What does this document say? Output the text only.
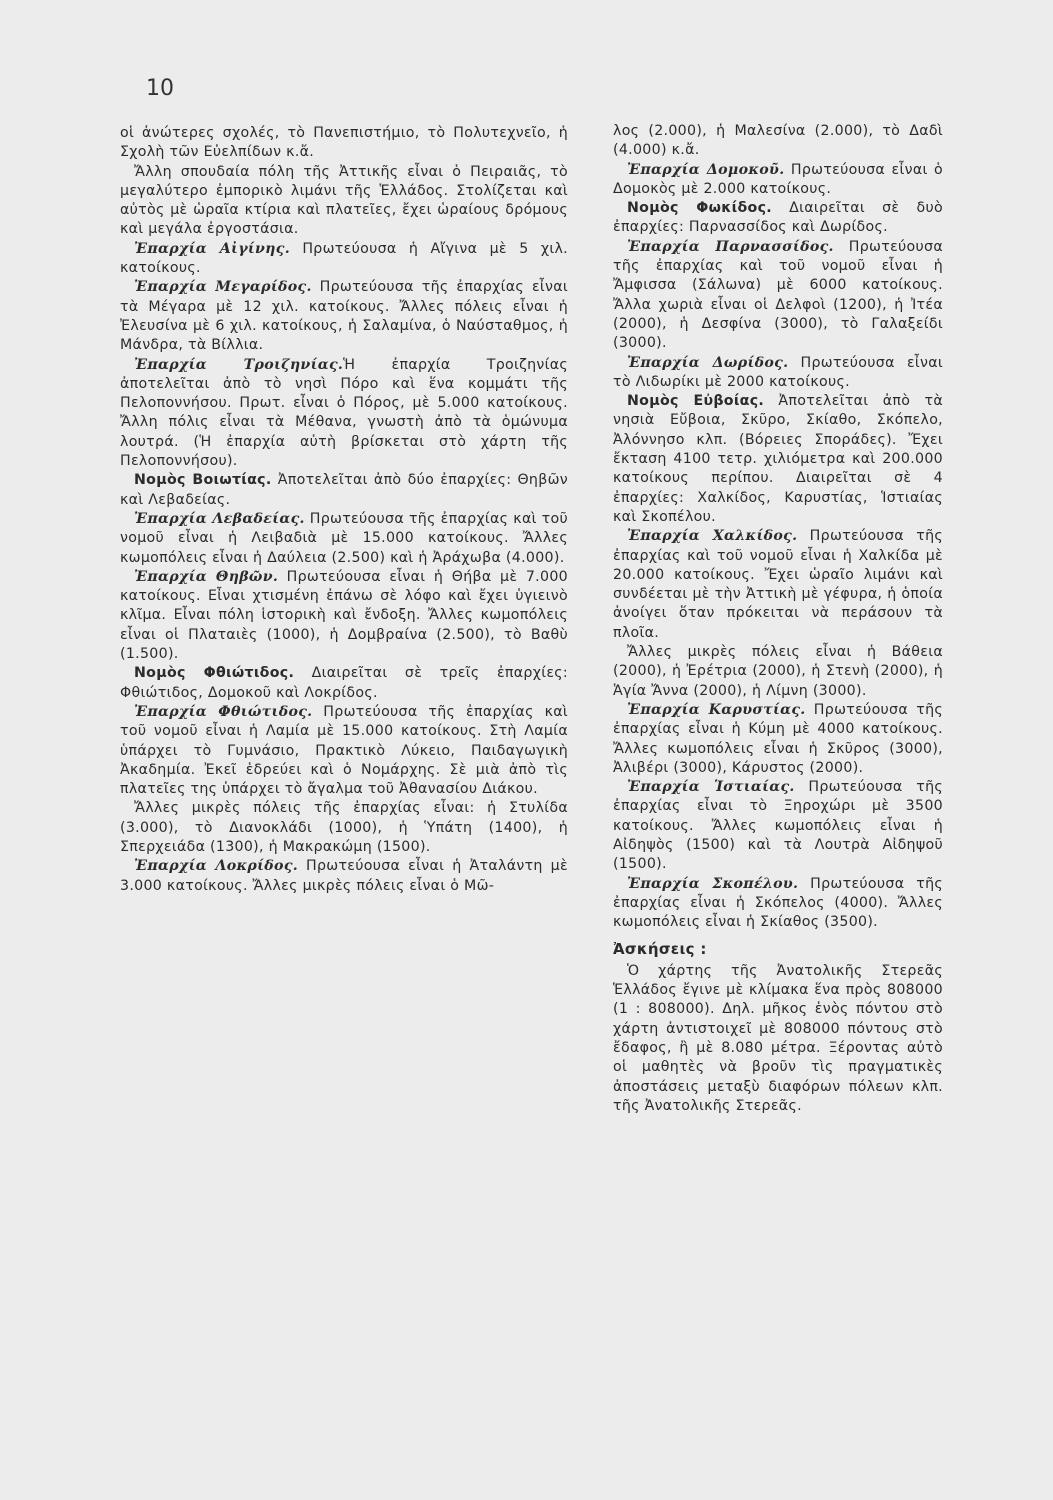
10

οἱ ἀνώτερες σχολές, τὸ Πανεπιστήμιο, τὸ Πολυτεχνεῖο, ἡ Σχολὴ τῶν Εὐελπίδων κ.ἄ.

Ἄλλη σπουδαία πόλη τῆς Ἀττικῆς εἶναι ὁ Πειραιᾶς, τὸ μεγαλύτερο ἐμπορικὸ λιμάνι τῆς Ἑλλάδος. Στολίζεται καὶ αὐτὸς μὲ ὡραῖα κτίρια καὶ πλατεῖες, ἔχει ὡραίους δρόμους καὶ μεγάλα ἐργοστάσια.

Ἐπαρχία Αἰγίνης. Πρωτεύουσα ἡ Αἴγινα μὲ 5 χιλ. κατοίκους.

Ἐπαρχία Μεγαρίδος. Πρωτεύουσα τῆς ἐπαρχίας εἶναι τὰ Μέγαρα μὲ 12 χιλ. κατοίκους. Ἄλλες πόλεις εἶναι ἡ Ἐλευσίνα μὲ 6 χιλ. κατοίκους, ἡ Σαλαμίνα, ὁ Ναύσταθμος, ἡ Μάνδρα, τὰ Βίλλια.

Ἐπαρχία Τροιζηνίας.Ἡ ἐπαρχία Τροιζηνίας ἀποτελεῖται ἀπὸ τὸ νησὶ Πόρο καὶ ἕνα κομμάτι τῆς Πελοποννήσου. Πρωτ. εἶναι ὁ Πόρος, μὲ 5.000 κατοίκους. Ἄλλη πόλις εἶναι τὰ Μέθανα, γνωστὴ ἀπὸ τὰ ὁμώνυμα λουτρά. (Ἡ ἐπαρχία αὐτὴ βρίσκεται στὸ χάρτη τῆς Πελοποννήσου).

Νομὸς Βοιωτίας. Ἀποτελεῖται ἀπὸ δύο ἐπαρχίες: Θηβῶν καὶ Λεβαδείας.

Ἐπαρχία Λεβαδείας. Πρωτεύουσα τῆς ἐπαρχίας καὶ τοῦ νομοῦ εἶναι ἡ Λειβαδιὰ μὲ 15.000 κατοίκους. Ἄλλες κωμοπόλεις εἶναι ἡ Δαύλεια (2.500) καὶ ἡ Ἀράχωβα (4.000).

Ἐπαρχία Θηβῶν. Πρωτεύουσα εἶναι ἡ Θήβα μὲ 7.000 κατοίκους. Εἶναι χτισμένη ἐπάνω σὲ λόφο καὶ ἔχει ὑγιεινὸ κλῖμα. Εἶναι πόλη ἱστορικὴ καὶ ἔνδοξη. Ἄλλες κωμοπόλεις εἶναι οἱ Πλαταιὲς (1000), ἡ Δομβραίνα (2.500), τὸ Βαθὺ (1.500).

Νομὸς Φθιώτιδος. Διαιρεῖται σὲ τρεῖς ἐπαρχίες: Φθιώτιδος, Δομοκοῦ καὶ Λοκρίδος.

Ἐπαρχία Φθιώτιδος. Πρωτεύουσα τῆς ἐπαρχίας καὶ τοῦ νομοῦ εἶναι ἡ Λαμία μὲ 15.000 κατοίκους. Στὴ Λαμία ὑπάρχει τὸ Γυμνάσιο, Πρακτικὸ Λύκειο, Παιδαγωγικὴ Ἀκαδημία. Ἐκεῖ ἑδρεύει καὶ ὁ Νομάρχης. Σὲ μιὰ ἀπὸ τὶς πλατεῖες της ὑπάρχει τὸ ἄγαλμα τοῦ Ἀθανασίου Διάκου.

Ἄλλες μικρὲς πόλεις τῆς ἐπαρχίας εἶναι: ἡ Στυλίδα (3.000), τὸ Διανοκλάδι (1000), ἡ Ὑπάτη (1400), ἡ Σπερχειάδα (1300), ἡ Μακρακώμη (1500).

Ἐπαρχία Λοκρίδος. Πρωτεύουσα εἶναι ἡ Ἀταλάντη μὲ 3.000 κατοίκους. Ἄλλες μικρὲς πόλεις εἶναι ὁ Μῶ-

λος (2.000), ἡ Μαλεσίνα (2.000), τὸ Δαδὶ (4.000) κ.ἄ.

Ἐπαρχία Δομοκοῦ. Πρωτεύουσα εἶναι ὁ Δομοκὸς μὲ 2.000 κατοίκους.

Νομὸς Φωκίδος. Διαιρεῖται σὲ δυὸ ἐπαρχίες: Παρνασσίδος καὶ Δωρίδος.

Ἐπαρχία Παρνασσίδος. Πρωτεύουσα τῆς ἐπαρχίας καὶ τοῦ νομοῦ εἶναι ἡ Ἄμφισσα (Σάλωνα) μὲ 6000 κατοίκους. Ἄλλα χωριὰ εἶναι οἱ Δελφοὶ (1200), ἡ Ἰτέα (2000), ἡ Δεσφίνα (3000), τὸ Γαλαξείδι (3000).

Ἐπαρχία Δωρίδος. Πρωτεύουσα εἶναι τὸ Λιδωρίκι μὲ 2000 κατοίκους.

Νομὸς Εὐβοίας. Ἀποτελεῖται ἀπὸ τὰ νησιὰ Εὔβοια, Σκῦρο, Σκίαθο, Σκόπελο, Ἀλόννησο κλπ. (Βόρειες Σποράδες). Ἔχει ἔκταση 4100 τετρ. χιλιόμετρα καὶ 200.000 κατοίκους περίπου. Διαιρεῖται σὲ 4 ἐπαρχίες: Χαλκίδος, Καρυστίας, Ἱστιαίας καὶ Σκοπέλου.

Ἐπαρχία Χαλκίδος. Πρωτεύουσα τῆς ἐπαρχίας καὶ τοῦ νομοῦ εἶναι ἡ Χαλκίδα μὲ 20.000 κατοίκους. Ἔχει ὡραῖο λιμάνι καὶ συνδέεται μὲ τὴν Ἀττικὴ μὲ γέφυρα, ἡ ὁποία ἀνοίγει ὅταν πρόκειται νὰ περάσουν τὰ πλοῖα.

Ἄλλες μικρὲς πόλεις εἶναι ἡ Βάθεια (2000), ἡ Ἐρέτρια (2000), ἡ Στενὴ (2000), ἡ Ἁγία Ἄννα (2000), ἡ Λίμνη (3000).

Ἐπαρχία Καρυστίας. Πρωτεύουσα τῆς ἐπαρχίας εἶναι ἡ Κύμη μὲ 4000 κατοίκους. Ἄλλες κωμοπόλεις εἶναι ἡ Σκῦρος (3000), Ἀλιβέρι (3000), Κάρυστος (2000).

Ἐπαρχία Ἱστιαίας. Πρωτεύουσα τῆς ἐπαρχίας εἶναι τὸ Ξηροχώρι μὲ 3500 κατοίκους. Ἄλλες κωμοπόλεις εἶναι ἡ Αἰδηψὸς (1500) καὶ τὰ Λουτρὰ Αἰδηψοῦ (1500).

Ἐπαρχία Σκοπέλου. Πρωτεύουσα τῆς ἐπαρχίας εἶναι ἡ Σκόπελος (4000). Ἄλλες κωμοπόλεις εἶναι ἡ Σκίαθος (3500).

Ἀσκήσεις :

Ὁ χάρτης τῆς Ἀνατολικῆς Στερεᾶς Ἑλλάδος ἔγινε μὲ κλίμακα ἕνα πρὸς 808000 (1 : 808000). Δηλ. μῆκος ἑνὸς πόντου στὸ χάρτη ἀντιστοιχεῖ μὲ 808000 πόντους στὸ ἔδαφος, ἢ μὲ 8.080 μέτρα. Ξέροντας αὐτὸ οἱ μαθητὲς νὰ βροῦν τὶς πραγματικὲς ἀποστάσεις μεταξὺ διαφόρων πόλεων κλπ. τῆς Ἀνατολικῆς Στερεᾶς.
